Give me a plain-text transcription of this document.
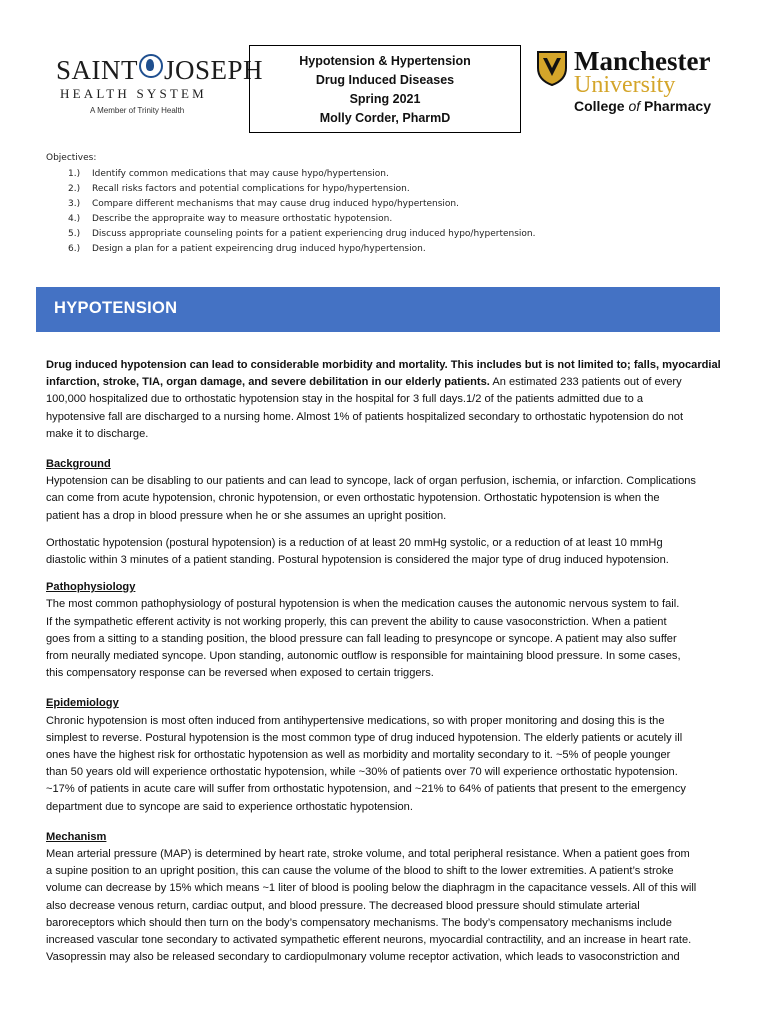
SAINT JOSEPH
HEALTH SYSTEM
A Member of Trinity Health
Hypotension & Hypertension
Drug Induced Diseases
Spring 2021
Molly Corder, PharmD
Manchester
University
College of Pharmacy
Objectives:
1.) Identify common medications that may cause hypo/hypertension.
2.) Recall risks factors and potential complications for hypo/hypertension.
3.) Compare different mechanisms that may cause drug induced hypo/hypertension.
4.) Describe the appropraite way to measure orthostatic hypotension.
5.) Discuss appropriate counseling points for a patient experiencing drug induced hypo/hypertension.
6.) Design a plan for a patient expeirencing drug induced hypo/hypertension.
HYPOTENSION

Drug induced hypotension can lead to considerable morbidity and mortality. This includes but is not limited to; falls, myocardial
infarction, stroke, TIA, organ damage, and severe debilitation in our elderly patients. An estimated 233 patients out of every
100,000 hospitalized due to orthostatic hypotension stay in the hospital for 3 full days.1/2 of the patients admitted due to a
hypotensive fall are discharged to a nursing home. Almost 1% of patients hospitalized secondary to orthostatic hypotension do not
make it to discharge.

Background

Hypotension can be disabling to our patients and can lead to syncope, lack of organ perfusion, ischemia, or infarction. Complications
can come from acute hypotension, chronic hypotension, or even orthostatic hypotension. Orthostatic hypotension is when the
patient has a drop in blood pressure when he or she assumes an upright position.

Orthostatic hypotension (postural hypotension) is a reduction of at least 20 mmHg systolic, or a reduction of at least 10 mmHg
diastolic within 3 minutes of a patient standing. Postural hypotension is considered the major type of drug induced hypotension.

Pathophysiology

The most common pathophysiology of postural hypotension is when the medication causes the autonomic nervous system to fail.
If the sympathetic efferent activity is not working properly, this can prevent the ability to cause vasoconstriction. When a patient
goes from a sitting to a standing position, the blood pressure can fall leading to presyncope or syncope. A patient may also suffer
from neurally mediated syncope. Upon standing, autonomic outflow is responsible for maintaining blood pressure. In some cases,
this compensatory response can be reversed when exposed to certain triggers.

Epidemiology

Chronic hypotension is most often induced from antihypertensive medications, so with proper monitoring and dosing this is the
simplest to reverse. Postural hypotension is the most common type of drug induced hypotension. The elderly patients or acutely ill
ones have the highest risk for orthostatic hypotension as well as morbidity and mortality secondary to it. ~5% of people younger
than 50 years old will experience orthostatic hypotension, while ~30% of patients over 70 will experience orthostatic hypotension.
~17% of patients in acute care will suffer from orthostatic hypotension, and ~21% to 64% of patients that present to the emergency
department due to syncope are said to experience orthostatic hypotension.

Mechanism

Mean arterial pressure (MAP) is determined by heart rate, stroke volume, and total peripheral resistance. When a patient goes from
a supine position to an upright position, this can cause the volume of the blood to shift to the lower extremities. A patient’s stroke
volume can decrease by 15% which means ~1 liter of blood is pooling below the diaphragm in the capacitance vessels. All of this will
also decrease venous return, cardiac output, and blood pressure. The decreased blood pressure should stimulate arterial
baroreceptors which should then turn on the body’s compensatory mechanisms. The body’s compensatory mechanisms include
increased vascular tone secondary to activated sympathetic efferent neurons, myocardial contractility, and an increase in heart rate.
Vasopressin may also be released secondary to cardiopulmonary volume receptor activation, which leads to vasoconstriction and
